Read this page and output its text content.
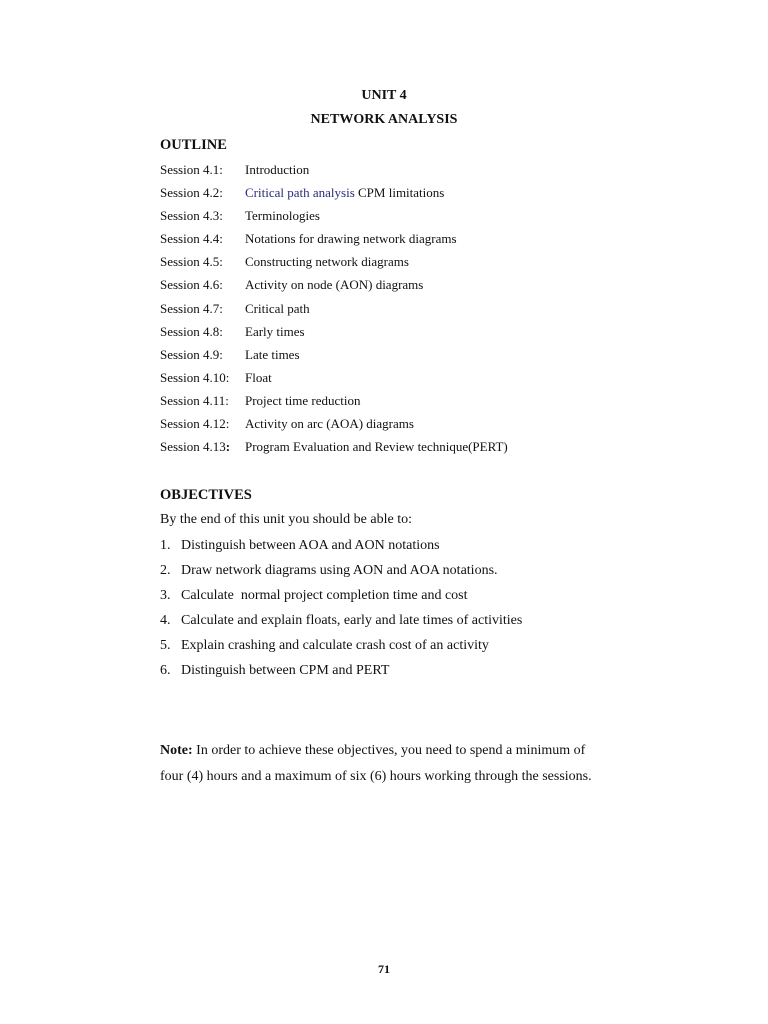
UNIT 4
NETWORK ANALYSIS
OUTLINE
Session 4.1:	Introduction
Session 4.2:	Critical path analysis CPM limitations
Session 4.3:	Terminologies
Session 4.4:	Notations for drawing network diagrams
Session 4.5:	Constructing network diagrams
Session 4.6:	Activity on node (AON) diagrams
Session 4.7:	Critical path
Session 4.8:	Early times
Session 4.9:	Late times
Session 4.10:	Float
Session 4.11:	Project time reduction
Session 4.12:	Activity on arc (AOA) diagrams
Session 4.13:	Program Evaluation and Review technique(PERT)
OBJECTIVES
By the end of this unit you should be able to:
1. Distinguish between AOA and AON notations
2. Draw network diagrams using AON and AOA notations.
3. Calculate  normal project completion time and cost
4. Calculate and explain floats, early and late times of activities
5. Explain crashing and calculate crash cost of an activity
6. Distinguish between CPM and PERT
Note: In order to achieve these objectives, you need to spend a minimum of four (4) hours and a maximum of six (6) hours working through the sessions.
71
